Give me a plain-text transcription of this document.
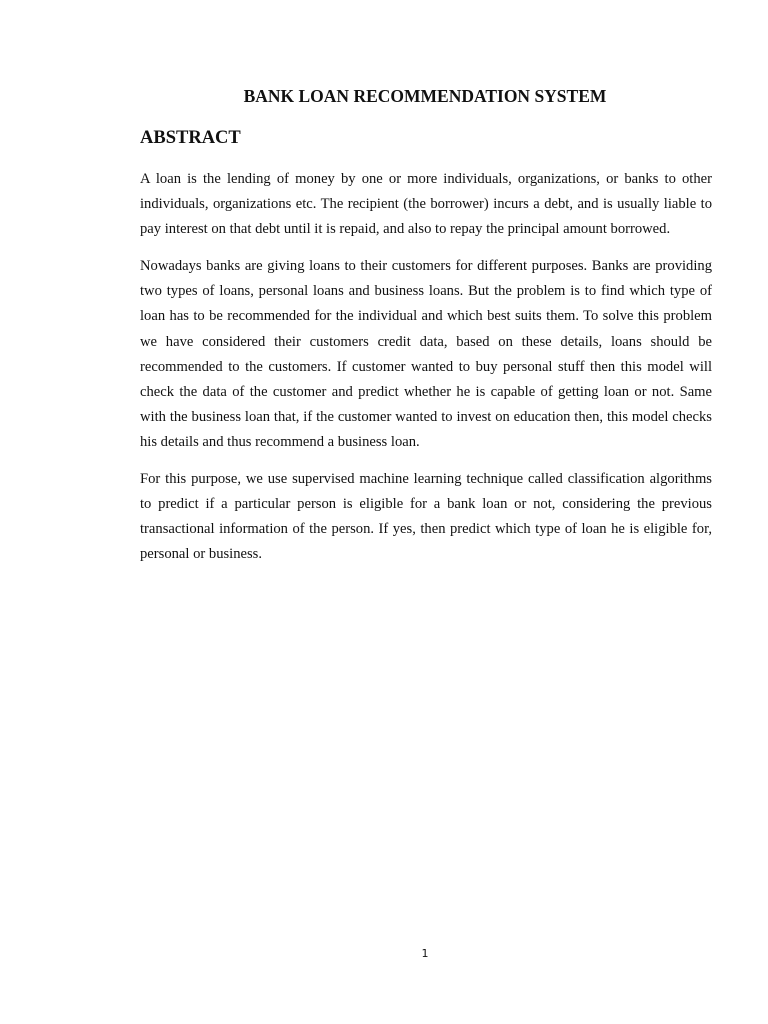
BANK LOAN RECOMMENDATION SYSTEM
ABSTRACT

A loan is the lending of money by one or more individuals, organizations, or banks to other individuals, organizations etc. The recipient (the borrower) incurs a debt, and is usually liable to pay interest on that debt until it is repaid, and also to repay the principal amount borrowed.

Nowadays banks are giving loans to their customers for different purposes. Banks are providing two types of loans, personal loans and business loans. But the problem is to find which type of loan has to be recommended for the individual and which best suits them. To solve this problem we have considered their customers credit data, based on these details, loans should be recommended to the customers. If customer wanted to buy personal stuff then this model will check the data of the customer and predict whether he is capable of getting loan or not. Same with the business loan that, if the customer wanted to invest on education then, this model checks his details and thus recommend a business loan.

For this purpose, we use supervised machine learning technique called classification algorithms to predict if a particular person is eligible for a bank loan or not, considering the previous transactional information of the person. If yes, then predict which type of loan he is eligible for, personal or business.

1
